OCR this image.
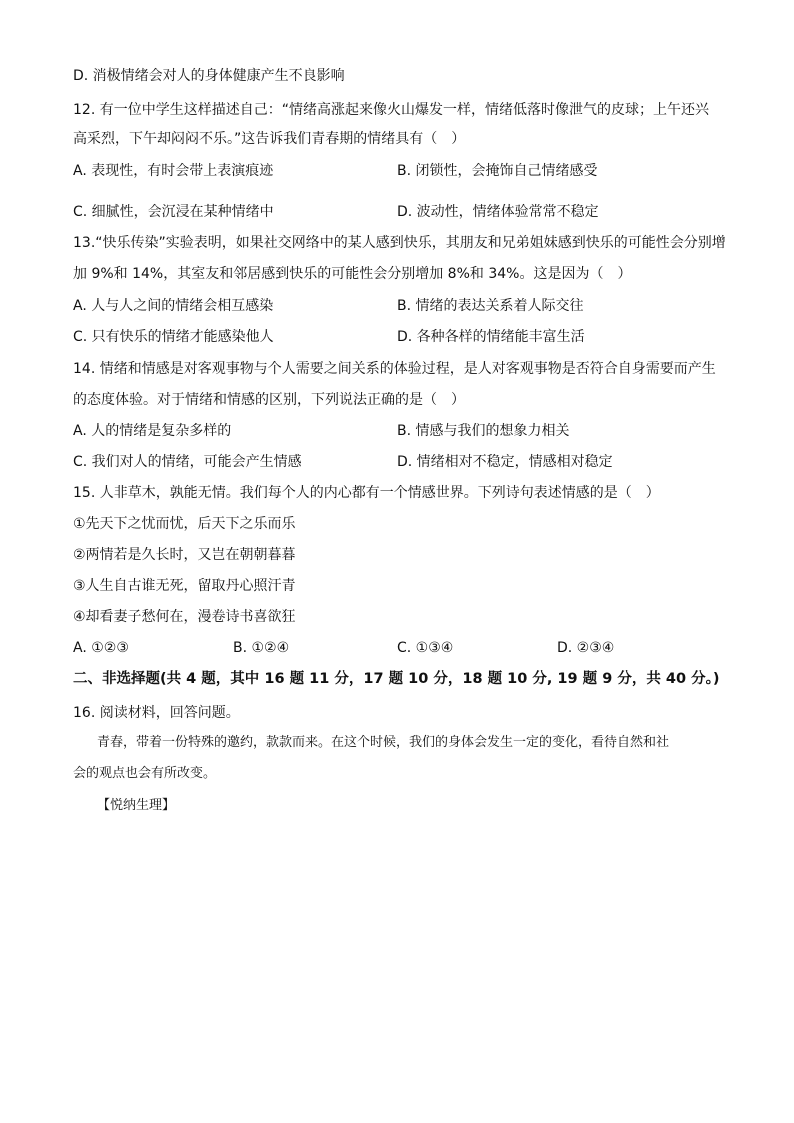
D. 消极情绪会对人的身体健康产生不良影响
12. 有一位中学生这样描述自己：“情绪高涨起来像火山爆发一样，情绪低落时像泄气的皮球；上午还兴
高采烈，下午却闷闷不乐。”这告诉我们青春期的情绪具有（　）
A. 表现性，有时会带上表演痕迹	B. 闭锁性，会掩饰自己情绪感受
C. 细腻性，会沉浸在某种情绪中	D. 波动性，情绪体验常常不稳定
13.“快乐传染”实验表明，如果社交网络中的某人感到快乐，其朋友和兄弟姐妹感到快乐的可能性会分别增
加 9%和 14%，其室友和邻居感到快乐的可能性会分别增加 8%和 34%。这是因为（　）
A. 人与人之间的情绪会相互感染	B. 情绪的表达关系着人际交往
C. 只有快乐的情绪才能感染他人	D. 各种各样的情绪能丰富生活
14. 情绪和情感是对客观事物与个人需要之间关系的体验过程，是人对客观事物是否符合自身需要而产生
的态度体验。对于情绪和情感的区别，下列说法正确的是（　）
A. 人的情绪是复杂多样的	B. 情感与我们的想象力相关
C. 我们对人的情绪，可能会产生情感	D. 情绪相对不稳定，情感相对稳定
15. 人非草木，孰能无情。我们每个人的内心都有一个情感世界。下列诗句表述情感的是（　）
①先天下之忧而忧，后天下之乐而乐
②两情若是久长时，又岂在朝朝暮暮
③人生自古谁无死，留取丹心照汗青
④却看妻子愁何在，漫卷诗书喜欲狂
A. ①②③	B. ①②④	C. ①③④	D. ②③④
二、非选择题(共 4 题，其中 16 题 11 分，17 题 10 分，18 题 10 分, 19 题 9 分，共 40 分。)
16. 阅读材料，回答问题。
青春，带着一份特殊的邀约，款款而来。在这个时候，我们的身体会发生一定的变化，看待自然和社
会的观点也会有所改变。
【悦纳生理】
